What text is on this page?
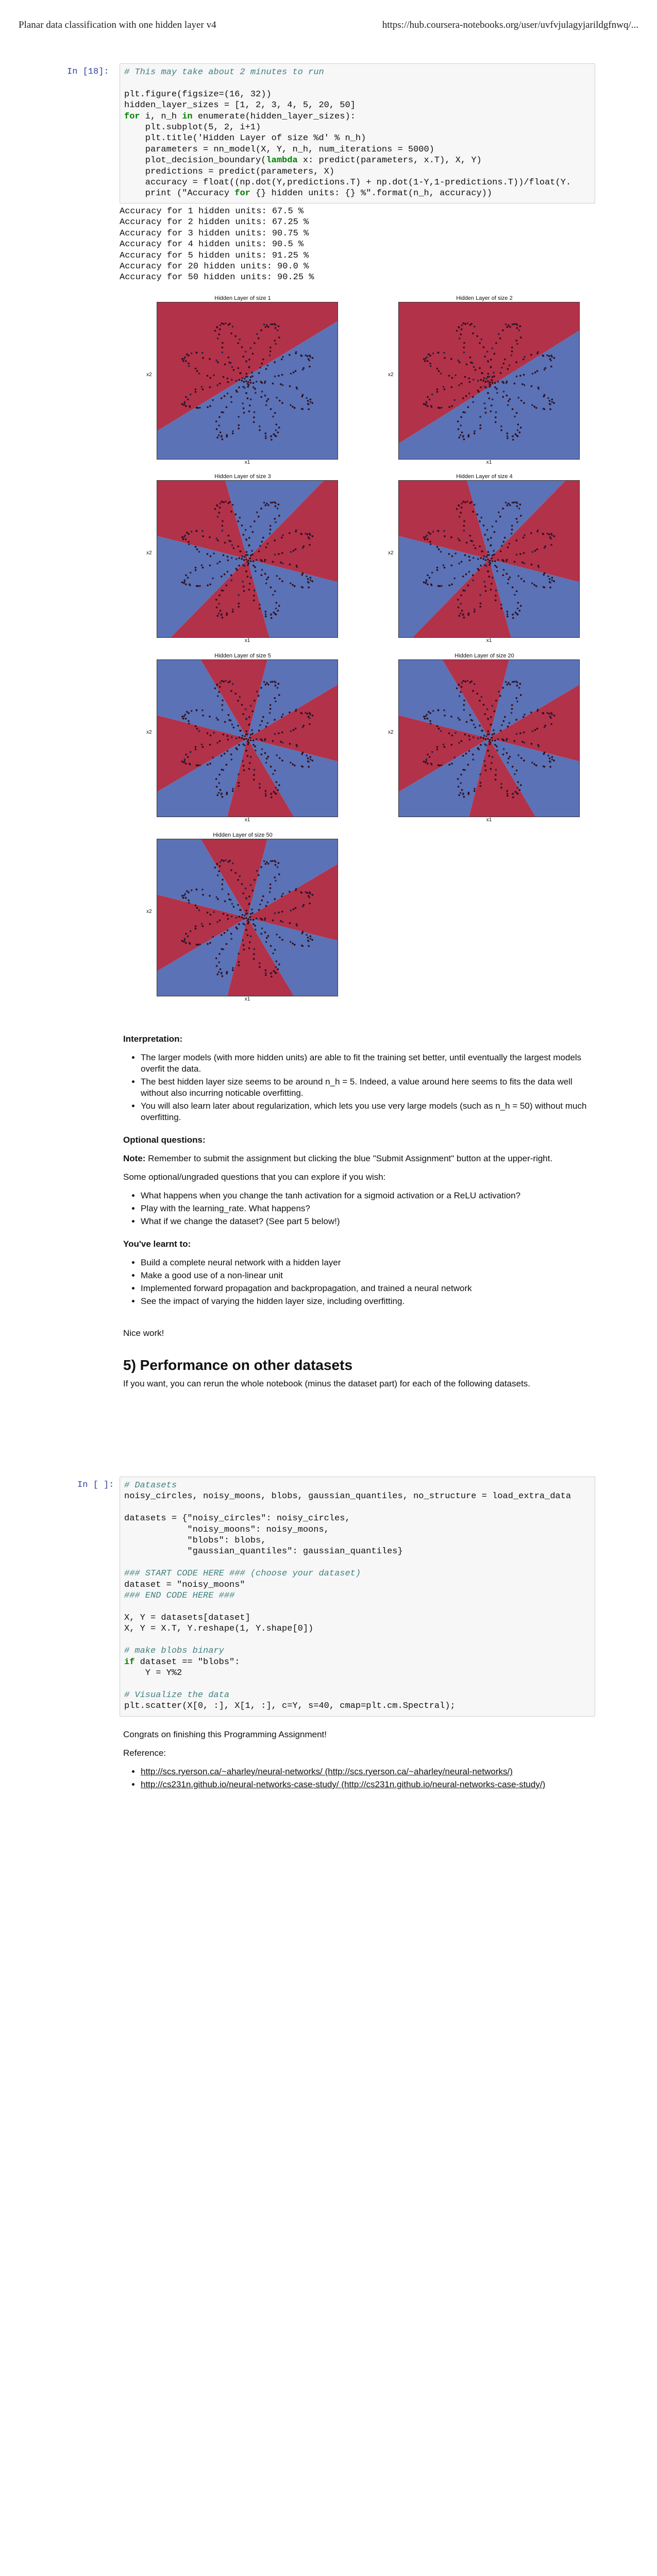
Planar data classification with one hidden layer v4	https://hub.coursera-notebooks.org/user/uvfvjulagyjarildgfnwq/...
In [18]:	# This may take about 2 minutes to run

plt.figure(figsize=(16, 32))
hidden_layer_sizes = [1, 2, 3, 4, 5, 20, 50]
for i, n_h in enumerate(hidden_layer_sizes):
plt.subplot(5, 2, i+1)
plt.title('Hidden Layer of size %d' % n_h)
parameters = nn_model(X, Y, n_h, num_iterations = 5000)
plot_decision_boundary(lambda x: predict(parameters, x.T), X, Y)
predictions = predict(parameters, X)
accuracy = float((np.dot(Y,predictions.T) + np.dot(1-Y,1-predictions.T))/float(Y.
print ("Accuracy for {} hidden units: {} %".format(n_h, accuracy))
Accuracy for 1 hidden units: 67.5 %
Accuracy for 2 hidden units: 67.25 %
Accuracy for 3 hidden units: 90.75 %
Accuracy for 4 hidden units: 90.5 %
Accuracy for 5 hidden units: 91.25 %
Accuracy for 20 hidden units: 90.0 %
Accuracy for 50 hidden units: 90.25 %
Hidden Layer of size 1
x2
x1
Hidden Layer of size 2
x2
x1
Hidden Layer of size 3
x2
x1
Hidden Layer of size 4
x2
x1
Hidden Layer of size 5
x2
x1
Hidden Layer of size 20
x2
x1
Hidden Layer of size 50
x2
x1

Interpretation:

• The larger models (with more hidden units) are able to fit the training set better, until eventually the largest models overfit the data.
• The best hidden layer size seems to be around n_h = 5. Indeed, a value around here seems to fits the data well without also incurring noticable overfitting.
• You will also learn later about regularization, which lets you use very large models (such as n_h = 50) without much overfitting.

Optional questions:

Note: Remember to submit the assignment but clicking the blue "Submit Assignment" button at the upper-right.

Some optional/ungraded questions that you can explore if you wish:

• What happens when you change the tanh activation for a sigmoid activation or a ReLU activation?
• Play with the learning_rate. What happens?
• What if we change the dataset? (See part 5 below!)

You've learnt to:

• Build a complete neural network with a hidden layer
• Make a good use of a non-linear unit
• Implemented forward propagation and backpropagation, and trained a neural network
• See the impact of varying the hidden layer size, including overfitting.

Nice work!

5) Performance on other datasets

If you want, you can rerun the whole notebook (minus the dataset part) for each of the following datasets.

In [ ]:	# Datasets
noisy_circles, noisy_moons, blobs, gaussian_quantiles, no_structure = load_extra_data

datasets = {"noisy_circles": noisy_circles,
"noisy_moons": noisy_moons,
"blobs": blobs,
"gaussian_quantiles": gaussian_quantiles}

### START CODE HERE ### (choose your dataset)
dataset = "noisy_moons"
### END CODE HERE ###

X, Y = datasets[dataset]
X, Y = X.T, Y.reshape(1, Y.shape[0])

# make blobs binary
if dataset == "blobs":
Y = Y%2

# Visualize the data
plt.scatter(X[0, :], X[1, :], c=Y, s=40, cmap=plt.cm.Spectral);

Congrats on finishing this Programming Assignment!

Reference:

• http://scs.ryerson.ca/~aharley/neural-networks/ (http://scs.ryerson.ca/~aharley/neural-networks/)
• http://cs231n.github.io/neural-networks-case-study/ (http://cs231n.github.io/neural-networks-case-study/)
